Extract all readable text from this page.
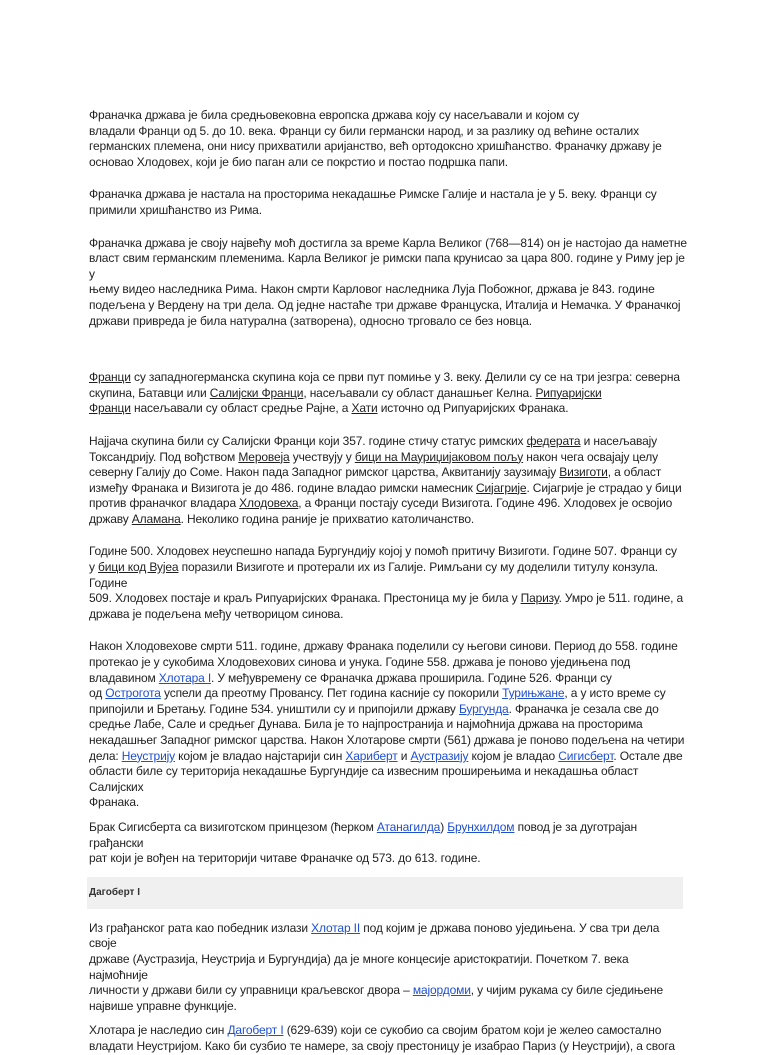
Франачка држава је била средњовековна европска држава коју су насељавали и којом су
владали Франци од 5. до 10. века. Франци су били германски народ, и за разлику од већине осталих
германских племена, они нису прихватили аријанство, већ ортодоксно хришћанство. Франачку државу је
основао Хлодовех, који је био паган али се покрстио и постао подршка папи.

Франачка држава је настала на просторима некадашње Римске Галије и настала је у 5. веку. Франци су
примили хришћанство из Рима.

Франачка држава је своју највећу моћ достигла за време Карла Великог (768—814) он је настојао да наметне
власт свим германским племенима. Карла Великог је римски папа крунисао за цара 800. године у Риму јер је у
њему видео наследника Рима. Након смрти Карловог наследника Луја Побожног, држава је 843. године
подељена у Вердену на три дела. Од једне настаће три државе Француска, Италија и Немачка. У Франачкој
држави привреда је била натурална (затворена), односно трговало се без новца.

Франци су западногерманска скупина која се први пут помиње у 3. веку. Делили су се на три језгра: северна
скупина, Батавци или Салијски Франци, насељавали су област данашњег Келна. Рипуаријски
Франци насељавали су област средње Рајне, а Хати источно од Рипуаријских Франака.

Најјача скупина били су Салијски Франци који 357. године стичу статус римских федерата и насељавају
Токсандрију. Под вођством Меровеја учествују у бици на Мауриџијаковом пољу након чега освајају целу
северну Галију до Соме. Након пада Западног римског царства, Аквитанију заузимају Визиготи, а област
између Франака и Визигота је до 486. године владао римски намесник Сијагрије. Сијагрије је страдао у бици
против франачког владара Хлодовеха, а Франци постају суседи Визигота. Године 496. Хлодовех је освојио
државу Аламана. Неколико година раније је прихватио католичанство.

Године 500. Хлодовех неуспешно напада Бургундију којој у помоћ притичу Визиготи. Године 507. Франци су
у бици код Вујеа поразили Визиготе и протерали их из Галије. Римљани су му доделили титулу конзула. Године
509. Хлодовех постаје и краљ Рипуаријских Франака. Престоница му је била у Паризу. Умро је 511. године, а
држава је подељена међу четворицом синова.

Након Хлодовехове смрти 511. године, државу Франака поделили су његови синови. Период до 558. године
протекао је у сукобима Хлодовехових синова и унука. Године 558. држава је поново уједињена под
владавином Хлотара I. У међувремену се Франачка држава проширила. Године 526. Франци су
од Остроготa успели да преотму Провансу. Пет година касније су покорили Турињжане, а у исто време су
припојили и Бретању. Године 534. уништили су и припојили државу Бургунда. Франачка је сезала све до
средње Лабе, Сале и средњег Дунава. Била је то најпространија и најмоћнија држава на просторима
некадашњег Западног римског царства. Након Хлотарове смрти (561) држава је поново подељена на четири
дела: Неустрију којом је владао најстарији син Хариберт и Аустразију којом је владао Сигисберт. Остале две
области биле су територија некадашње Бургундије са извесним проширењима и некадашња област Салијских
Франака.

Брак Сигисберта са визиготском принцезом (ћерком Атанагилда) Брунхилдом повод је за дуготрајан грађански
рат који је вођен на територији читаве Франачке од 573. до 613. године.

Дагоберт I

Из грађанског рата као победник излази Хлотар II под којим је држава поново уједињена. У сва три дела своје
државе (Аустразија, Неустрија и Бургундија) да је многе концесије аристократији. Почетком 7. века најмоћније
личности у држави били су управници краљевског двора – мајордоми, у чијим рукама су биле сједињене
највише управне функције.

Хлотара је наследио син Дагоберт I (629-639) који се сукобио са својим братом који је желео самостално
владати Неустријом. Како би сузбио те намере, за своју престоницу је изабрао Париз (у Неустрији), а свога
